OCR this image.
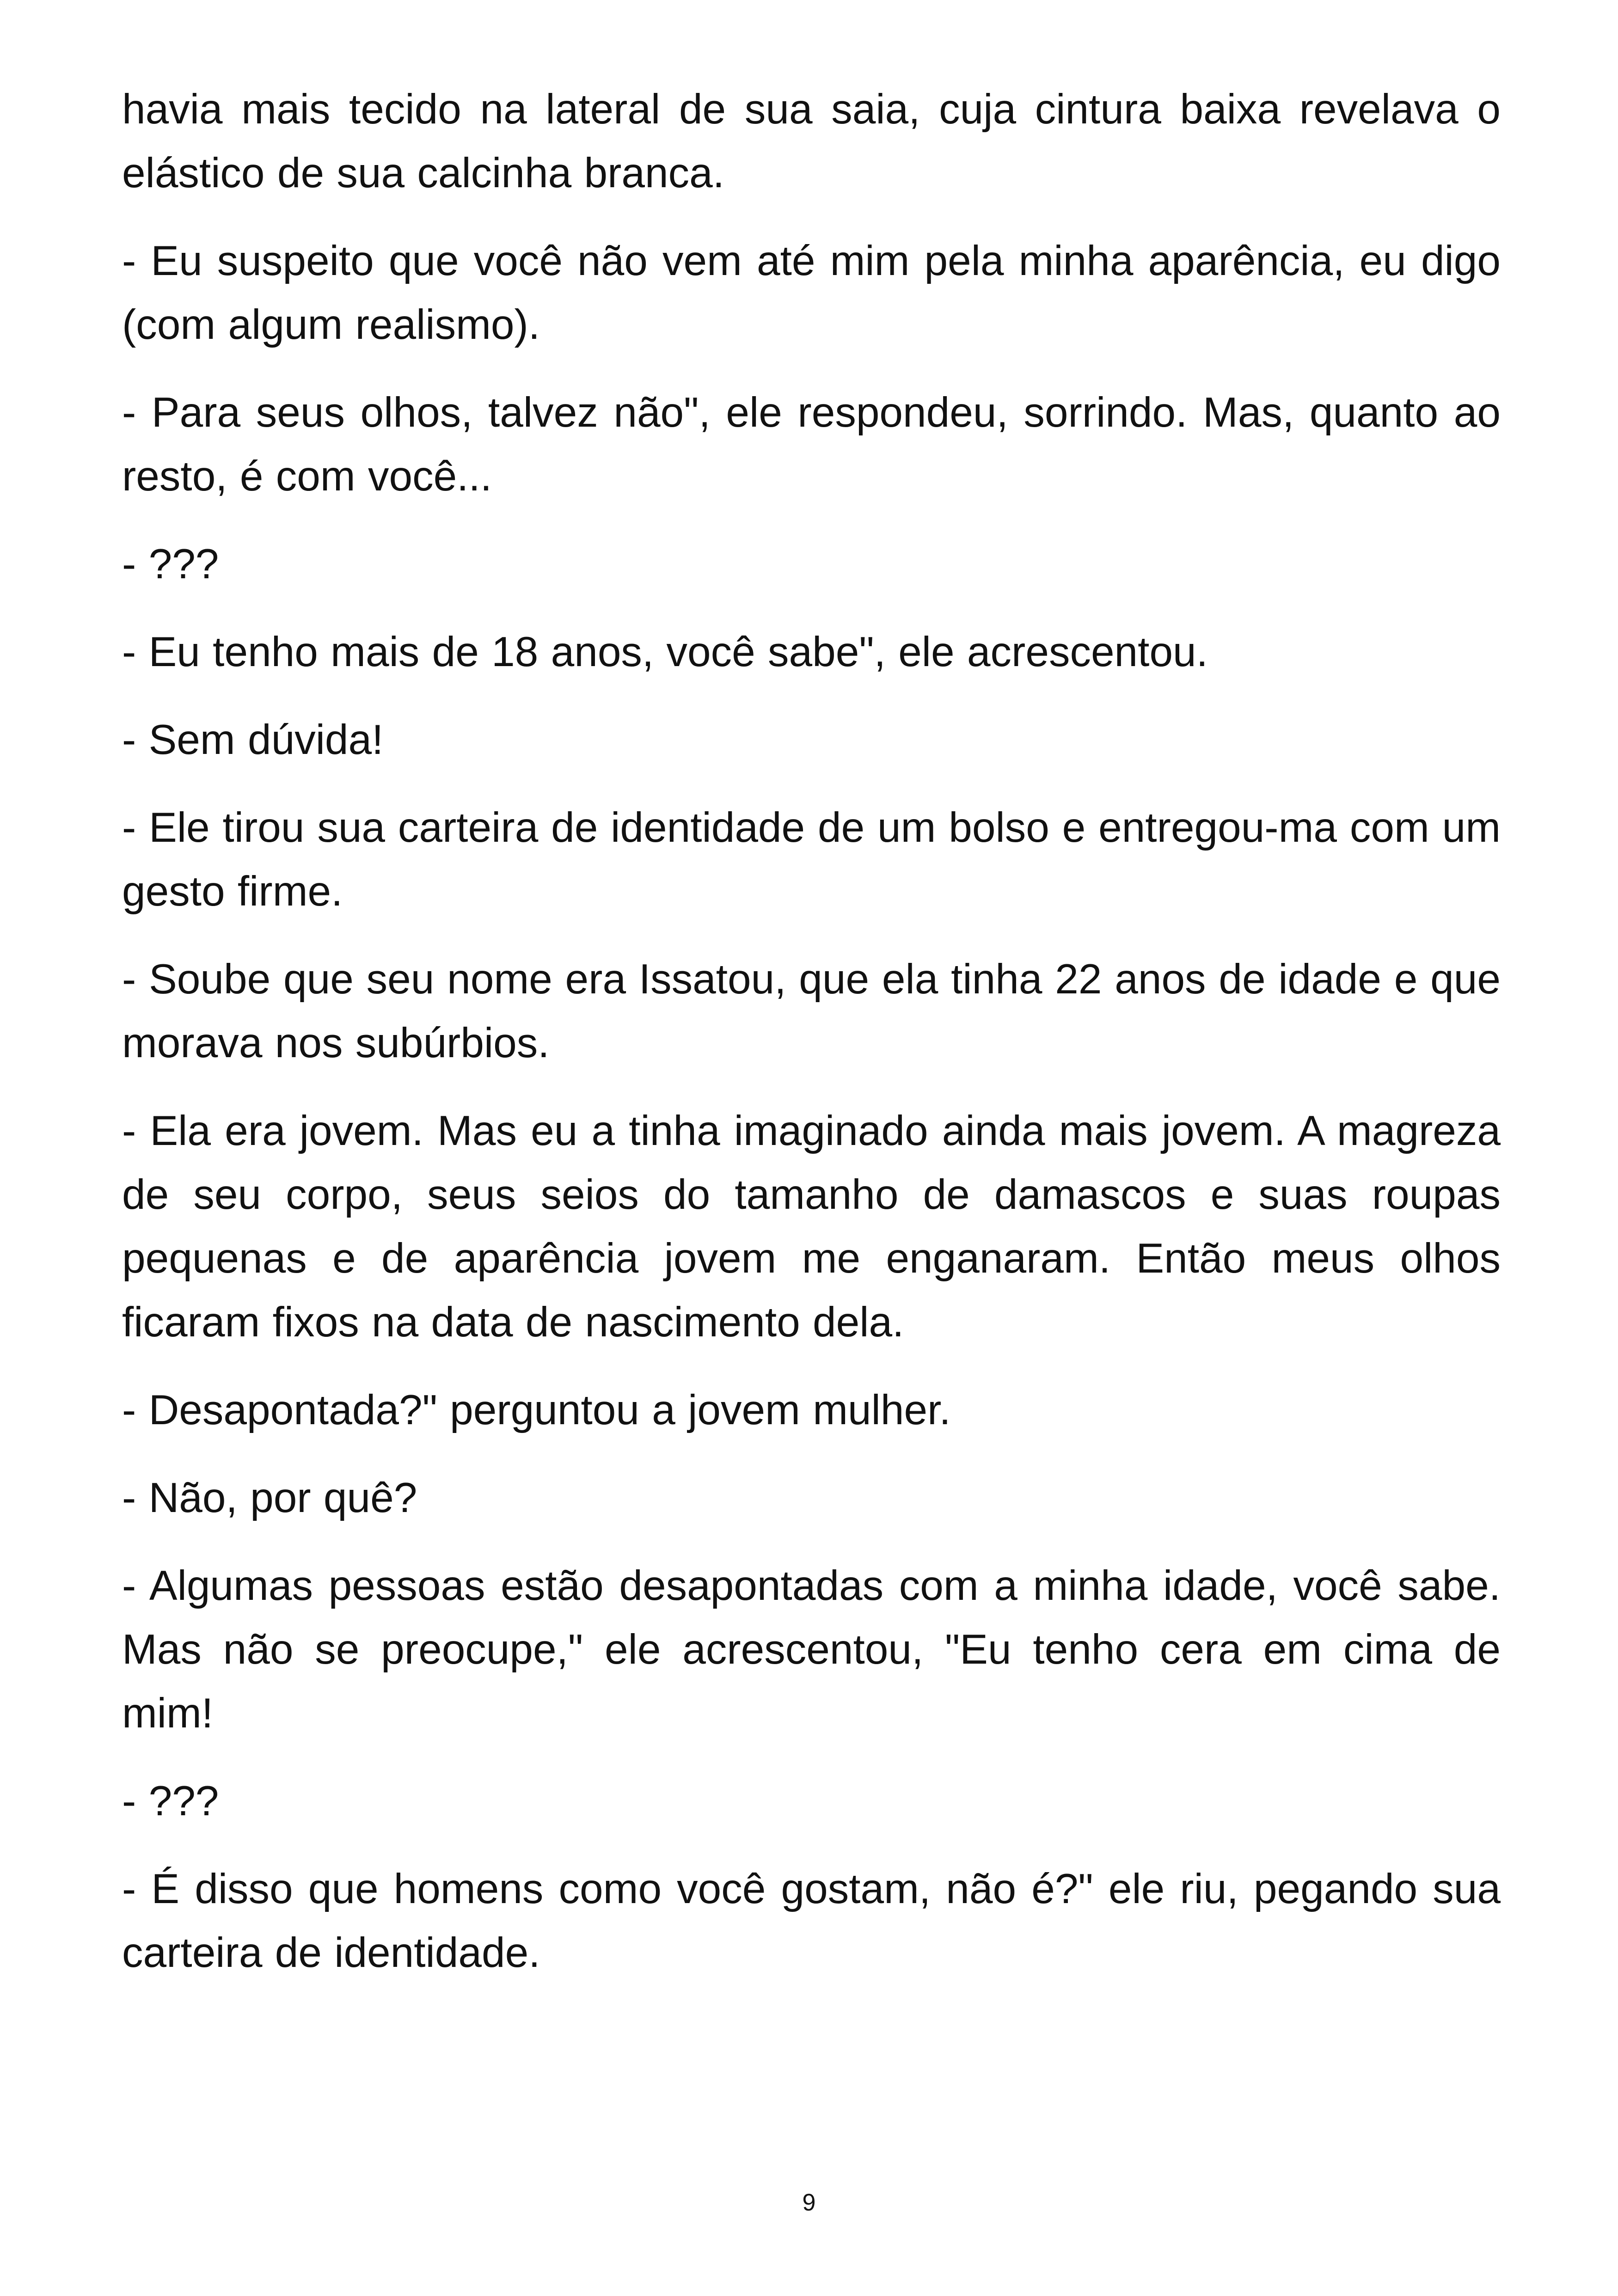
havia mais tecido na lateral de sua saia, cuja cintura baixa revelava o elástico de sua calcinha branca.

- Eu suspeito que você não vem até mim pela minha aparência, eu digo (com algum realismo).

- Para seus olhos, talvez não", ele respondeu, sorrindo. Mas, quanto ao resto, é com você...

- ???

- Eu tenho mais de 18 anos, você sabe", ele acrescentou.

- Sem dúvida!

- Ele tirou sua carteira de identidade de um bolso e entregou-ma com um gesto firme.

- Soube que seu nome era Issatou, que ela tinha 22 anos de idade e que morava nos subúrbios.

- Ela era jovem. Mas eu a tinha imaginado ainda mais jovem. A magreza de seu corpo, seus seios do tamanho de damascos e suas roupas pequenas e de aparência jovem me enganaram. Então meus olhos ficaram fixos na data de nascimento dela.

- Desapontada?" perguntou a jovem mulher.

- Não, por quê?

- Algumas pessoas estão desapontadas com a minha idade, você sabe. Mas não se preocupe," ele acrescentou, "Eu tenho cera em cima de mim!

- ???

- É disso que homens como você gostam, não é?" ele riu, pegando sua carteira de identidade.

9
